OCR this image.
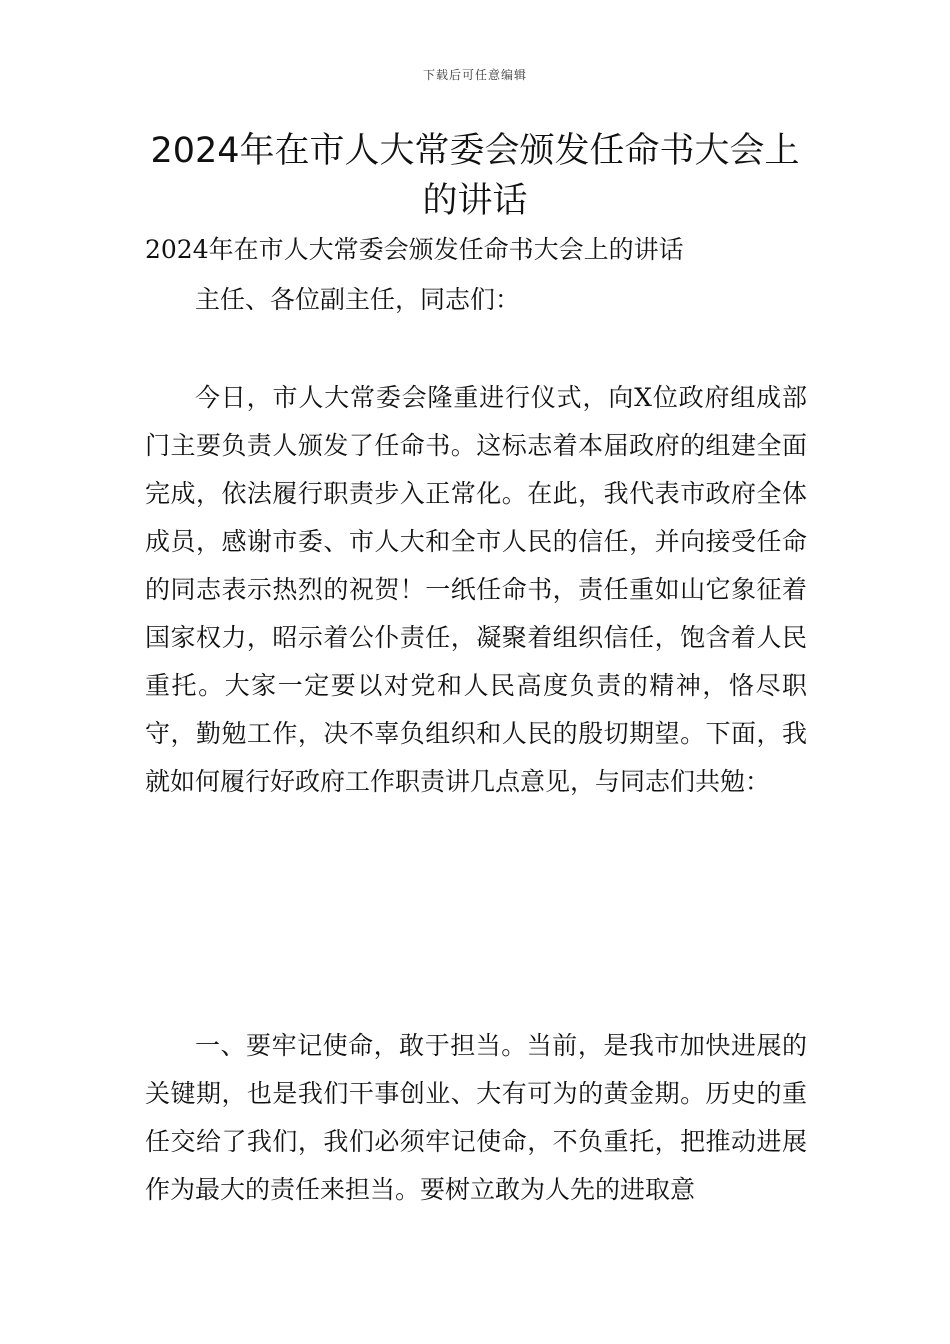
下载后可任意编辑
2024年在市人大常委会颁发任命书大会上的讲话

2024年在市人大常委会颁发任命书大会上的讲话

主任、各位副主任，同志们：

今日，市人大常委会隆重进行仪式，向X位政府组成部门主要负责人颁发了任命书。这标志着本届政府的组建全面完成，依法履行职责步入正常化。在此，我代表市政府全体成员，感谢市委、市人大和全市人民的信任，并向接受任命的同志表示热烈的祝贺！一纸任命书，责任重如山它象征着国家权力，昭示着公仆责任，凝聚着组织信任，饱含着人民重托。大家一定要以对党和人民高度负责的精神，恪尽职守，勤勉工作，决不辜负组织和人民的殷切期望。下面，我就如何履行好政府工作职责讲几点意见，与同志们共勉：

一、要牢记使命，敢于担当。当前，是我市加快进展的关键期，也是我们干事创业、大有可为的黄金期。历史的重任交给了我们，我们必须牢记使命，不负重托，把推动进展作为最大的责任来担当。要树立敢为人先的进取意
